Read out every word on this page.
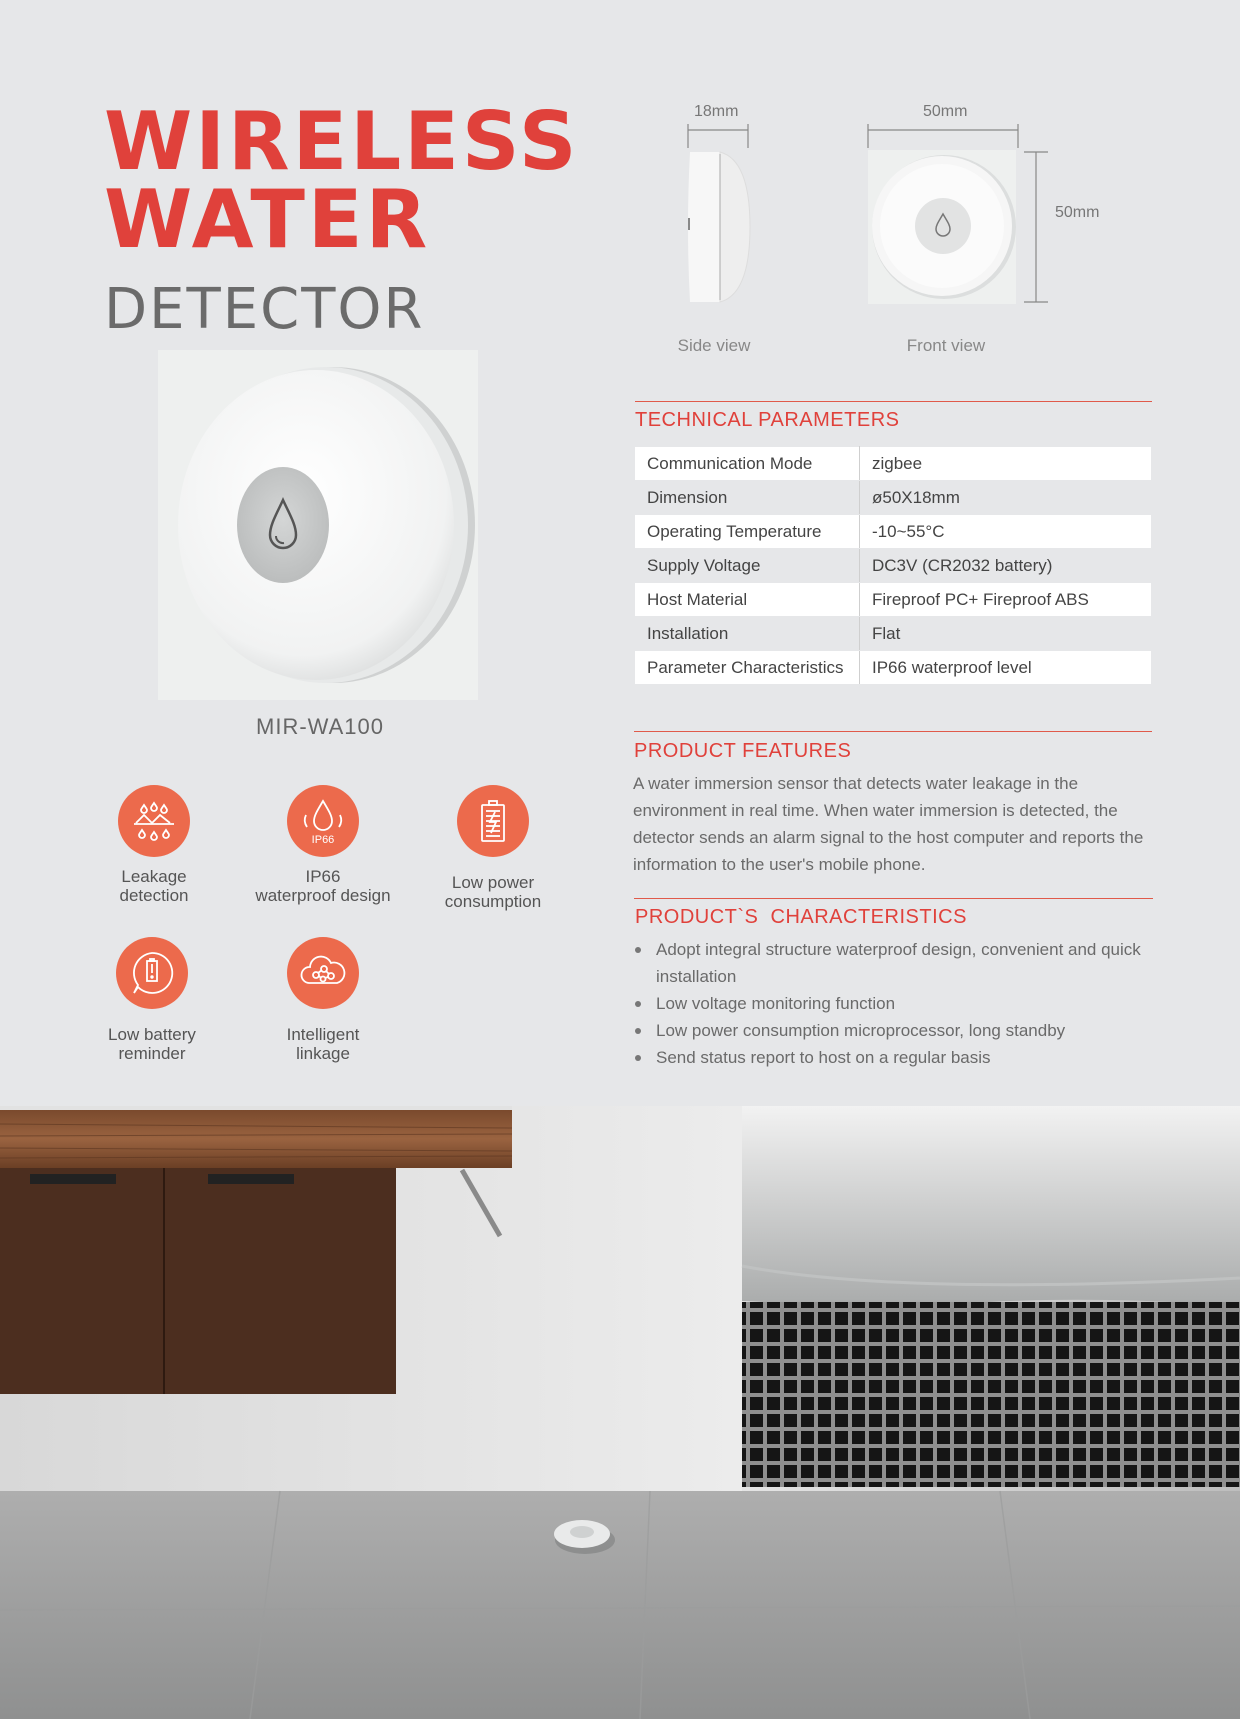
WIRELESS
WATER
DETECTOR
MIR-WA100
Leakage
detection
IP66
IP66
waterproof design
Low power
consumption
Low battery
reminder
Intelligent
linkage
18mm	50mm
50mm
Side view	Front view
TECHNICAL PARAMETERS
Communication Mode	zigbee
Dimension	ø50X18mm
Operating Temperature	-10~55°C
Supply Voltage	DC3V (CR2032 battery)
Host Material	Fireproof PC+ Fireproof ABS
Installation	Flat
Parameter Characteristics	IP66 waterproof level
PRODUCT FEATURES

A water immersion sensor that detects water leakage in the environment in real time. When water immersion is detected, the detector sends an alarm signal to the host computer and reports the information to the user's mobile phone.

PRODUCT`S  CHARACTERISTICS
Adopt integral structure waterproof design, convenient and quick installation
Low voltage monitoring function
Low power consumption microprocessor, long standby
Send status report to host on a regular basis
